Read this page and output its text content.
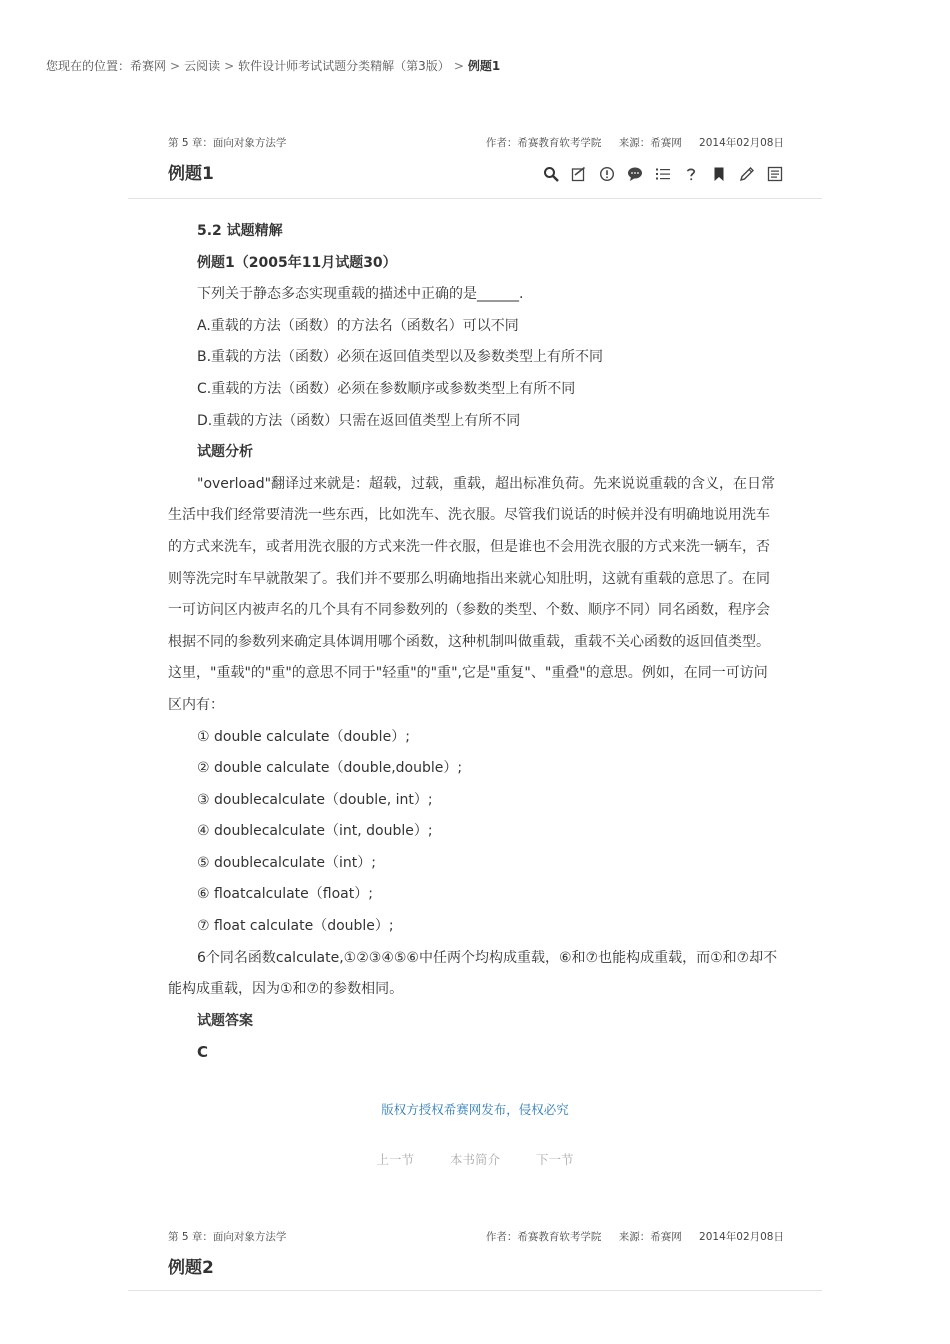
您现在的位置：希赛网 > 云阅读 > 软件设计师考试试题分类精解（第3版） > 例题1
第 5 章：面向对象方法学	作者：希赛教育软考学院 来源：希赛网 2014年02月08日
例题1

5.2 试题精解

例题1（2005年11月试题30）

下列关于静态多态实现重载的描述中正确的是______.

A.重载的方法（函数）的方法名（函数名）可以不同

B.重载的方法（函数）必须在返回值类型以及参数类型上有所不同

C.重载的方法（函数）必须在参数顺序或参数类型上有所不同

D.重载的方法（函数）只需在返回值类型上有所不同

试题分析

"overload"翻译过来就是：超载，过载，重载，超出标准负荷。先来说说重载的含义，在日常生活中我们经常要清洗一些东西，比如洗车、洗衣服。尽管我们说话的时候并没有明确地说用洗车的方式来洗车，或者用洗衣服的方式来洗一件衣服，但是谁也不会用洗衣服的方式来洗一辆车，否则等洗完时车早就散架了。我们并不要那么明确地指出来就心知肚明，这就有重载的意思了。在同一可访问区内被声名的几个具有不同参数列的（参数的类型、个数、顺序不同）同名函数，程序会根据不同的参数列来确定具体调用哪个函数，这种机制叫做重载，重载不关心函数的返回值类型。这里，"重载"的"重"的意思不同于"轻重"的"重",它是"重复"、"重叠"的意思。例如，在同一可访问区内有：

① double calculate（double）;

② double calculate（double,double）;

③ doublecalculate（double, int）;

④ doublecalculate（int, double）;

⑤ doublecalculate（int）;

⑥ floatcalculate（float）;

⑦ float calculate（double）;

6个同名函数calculate,①②③④⑤⑥中任两个均构成重载，⑥和⑦也能构成重载，而①和⑦却不能构成重载，因为①和⑦的参数相同。

试题答案

C

版权方授权希赛网发布，侵权必究
上一节	本书简介	下一节
第 5 章：面向对象方法学	作者：希赛教育软考学院 来源：希赛网 2014年02月08日
例题2
